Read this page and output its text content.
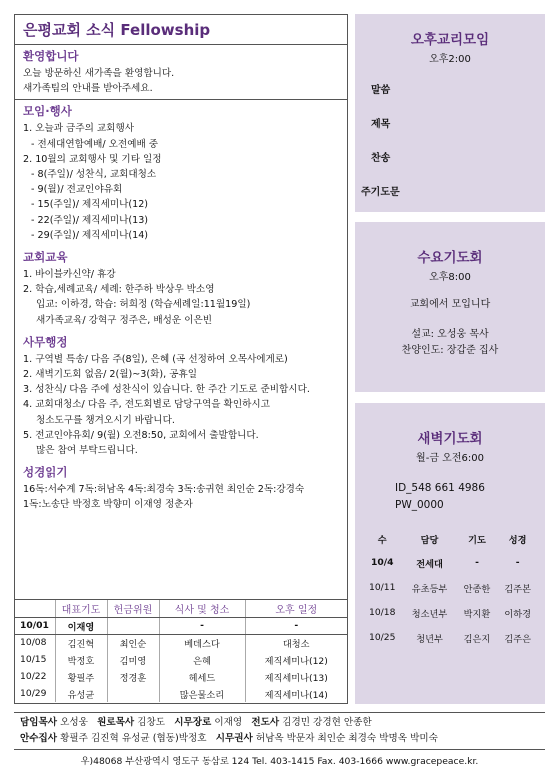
은평교회 소식 Fellowship
환영합니다
오늘 방문하신 새가족을 환영합니다.
새가족팀의 안내를 받아주세요.
모임·행사
1. 오늘과 금주의 교회행사
- 전세대연합예배/ 오전예배 중
2. 10월의 교회행사 및 기타 일정
- 8(주일)/ 성찬식, 교회대청소
- 9(월)/ 전교인야유회
- 15(주일)/ 제직세미나(12)
- 22(주일)/ 제직세미나(13)
- 29(주일)/ 제직세미나(14)
교회교육
1. 바이블카신약/ 휴강
2. 학습,세례교육/ 세례: 한주하 박상우 박소영
입교: 이하경, 학습: 허희정 (학습세례일:11월19일)
새가족교육/ 강혁구 정주은, 배성운 이은빈
사무행정
1. 구역별 특송/ 다음 주(8일), 은혜 (곡 선정하여 오목사에게로)
2. 새벽기도회 없음/ 2(월)~3(화), 공휴일
3. 성찬식/ 다음 주에 성찬식이 있습니다. 한 주간 기도로 준비합시다.
4. 교회대청소/ 다음 주, 전도회별로 담당구역을 확인하시고
청소도구를 챙겨오시기 바랍니다.
5. 전교인야유회/ 9(월) 오전8:50, 교회에서 출발합니다.
많은 참여 부탁드립니다.
성경읽기
16독:서수계 7독:허남옥 4독:최경숙 3독:송귀현 최인순 2독:강경숙
1독:노송단 박정호 박향미 이재영 정춘자
	대표기도	헌금위원	식사 및 청소	오후 일정
10/01	이재영		-	-
10/08	김진혁	최인순	베데스다	대청소
10/15	박정호	김미영	은혜	제직세미나(12)
10/22	황필주	정경훈	헤세드	제직세미나(13)
10/29	유성균		많은물소리	제직세미나(14)
오후교리모임
오후2:00
말씀
제목
찬송
주기도문
수요기도회
오후8:00
교회에서 모입니다
설교: 오성웅 목사
찬양인도: 장갑준 집사
새벽기도회
월-금 오전6:00
ID_548 661 4986
PW_0000
수	담당	기도	성경
10/4	전세대	-	-
10/11	유초등부	안종한	김주본
10/18	청소년부	박지환	이하경
10/25	청년부	김은지	김주은
담임목사 오성웅 원로목사 김창도 시무장로 이재영 전도사 김경민 강경현 안종한
안수집사 황필주 김진혁 유성균 (협동)박정호 시무권사 허남옥 박문자 최인순 최경숙 박명옥 박미숙
우)48068 부산광역시 영도구 동삼로 124 Tel. 403-1415 Fax. 403-1666 www.gracepeace.kr.
